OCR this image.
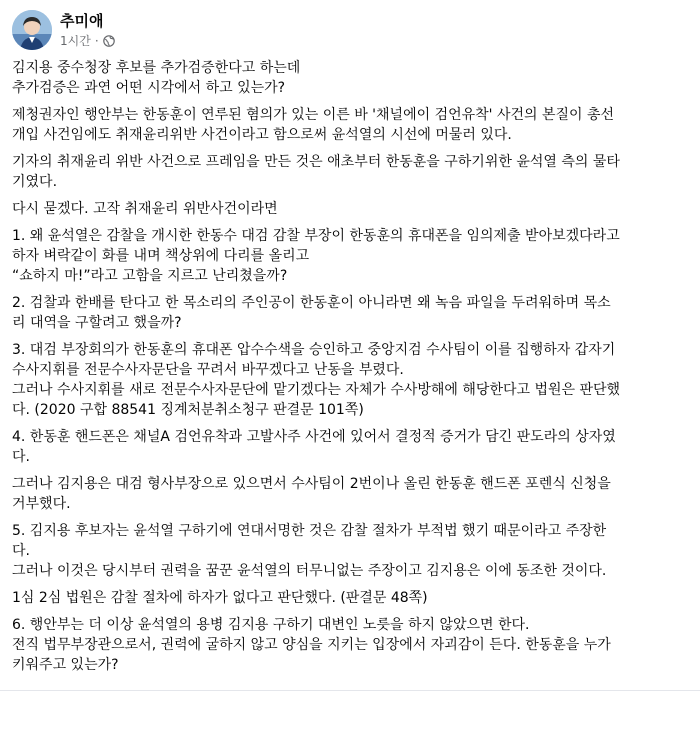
추미애
1시간 ·
김지용 중수청장 후보를 추가검증한다고 하는데
추가검증은 과연 어떤 시각에서 하고 있는가?
제청권자인 행안부는 한동훈이 연루된 혐의가 있는 이른 바 '채널에이 검언유착' 사건의 본질이 총선
개입 사건임에도 취재윤리위반 사건이라고 함으로써 윤석열의 시선에 머물러 있다.
기자의 취재윤리 위반 사건으로 프레임을 만든 것은 애초부터 한동훈을 구하기위한 윤석열 측의 물타
기였다.
다시 묻겠다. 고작 취재윤리 위반사건이라면
1. 왜 윤석열은 감찰을 개시한 한동수 대검 감찰 부장이 한동훈의 휴대폰을 임의제출 받아보겠다라고
하자 벼락같이 화를 내며 책상위에 다리를 올리고
“쇼하지 마!”라고 고함을 지르고 난리쳤을까?
2. 검찰과 한배를 탄다고 한 목소리의 주인공이 한동훈이 아니라면 왜 녹음 파일을 두려워하며 목소
리 대역을 구할려고 했을까?
3. 대검 부장회의가 한동훈의 휴대폰 압수수색을 승인하고 중앙지검 수사팀이 이를 집행하자 갑자기
수사지휘를 전문수사자문단을 꾸려서 바꾸겠다고 난동을 부렸다.
그러나 수사지휘를 새로 전문수사자문단에 맡기겠다는 자체가 수사방해에 해당한다고 법원은 판단했
다. (2020 구합 88541 징계처분취소청구 판결문 101쪽)
4. 한동훈 핸드폰은 채널A 검언유착과 고발사주 사건에 있어서 결정적 증거가 담긴 판도라의 상자였
다.
그러나 김지용은 대검 형사부장으로 있으면서 수사팀이 2번이나 올린 한동훈 핸드폰 포렌식 신청을
거부했다.
5. 김지용 후보자는 윤석열 구하기에 연대서명한 것은 감찰 절차가 부적법 했기 때문이라고 주장한
다.
그러나 이것은 당시부터 권력을 꿈꾼 윤석열의 터무니없는 주장이고 김지용은 이에 동조한 것이다.
1심 2심 법원은 감찰 절차에 하자가 없다고 판단했다. (판결문 48쪽)
6. 행안부는 더 이상 윤석열의 용병 김지용 구하기 대변인 노릇을 하지 않았으면 한다.
전직 법무부장관으로서, 권력에 굴하지 않고 양심을 지키는 입장에서 자괴감이 든다. 한동훈을 누가
키워주고 있는가?
